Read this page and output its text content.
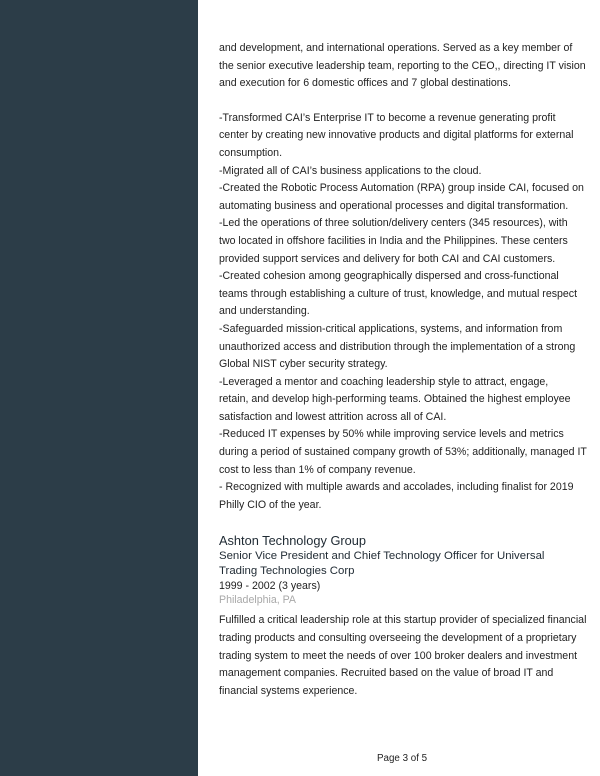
and development, and international operations. Served as a key member of
the senior executive leadership team, reporting to the CEO,, directing IT vision
and execution for 6 domestic offices and 7 global destinations.

-Transformed CAI’s Enterprise IT to become a revenue generating profit
center by creating new innovative products and digital platforms for external
consumption.
-Migrated all of CAI’s business applications to the cloud.
-Created the Robotic Process Automation (RPA) group inside CAI, focused on
automating business and operational processes and digital transformation.
-Led the operations of three solution/delivery centers (345 resources), with
two located in offshore facilities in India and the Philippines. These centers
provided support services and delivery for both CAI and CAI customers.
-Created cohesion among geographically dispersed and cross-functional
teams through establishing a culture of trust, knowledge, and mutual respect
and understanding.
-Safeguarded mission-critical applications, systems, and information from
unauthorized access and distribution through the implementation of a strong
Global NIST cyber security strategy.
-Leveraged a mentor and coaching leadership style to attract, engage,
retain, and develop high-performing teams. Obtained the highest employee
satisfaction and lowest attrition across all of CAI.
-Reduced IT expenses by 50% while improving service levels and metrics
during a period of sustained company growth of 53%; additionally, managed IT
cost to less than 1% of company revenue.
- Recognized with multiple awards and accolades, including finalist for 2019
Philly CIO of the year.

Ashton Technology Group
Senior Vice President and Chief Technology Officer for Universal
Trading Technologies Corp
1999 - 2002 (3 years)
Philadelphia, PA

Fulfilled a critical leadership role at this startup provider of specialized financial
trading products and consulting overseeing the development of a proprietary
trading system to meet the needs of over 100 broker dealers and investment
management companies. Recruited based on the value of broad IT and
financial systems experience.

Page 3 of 5
